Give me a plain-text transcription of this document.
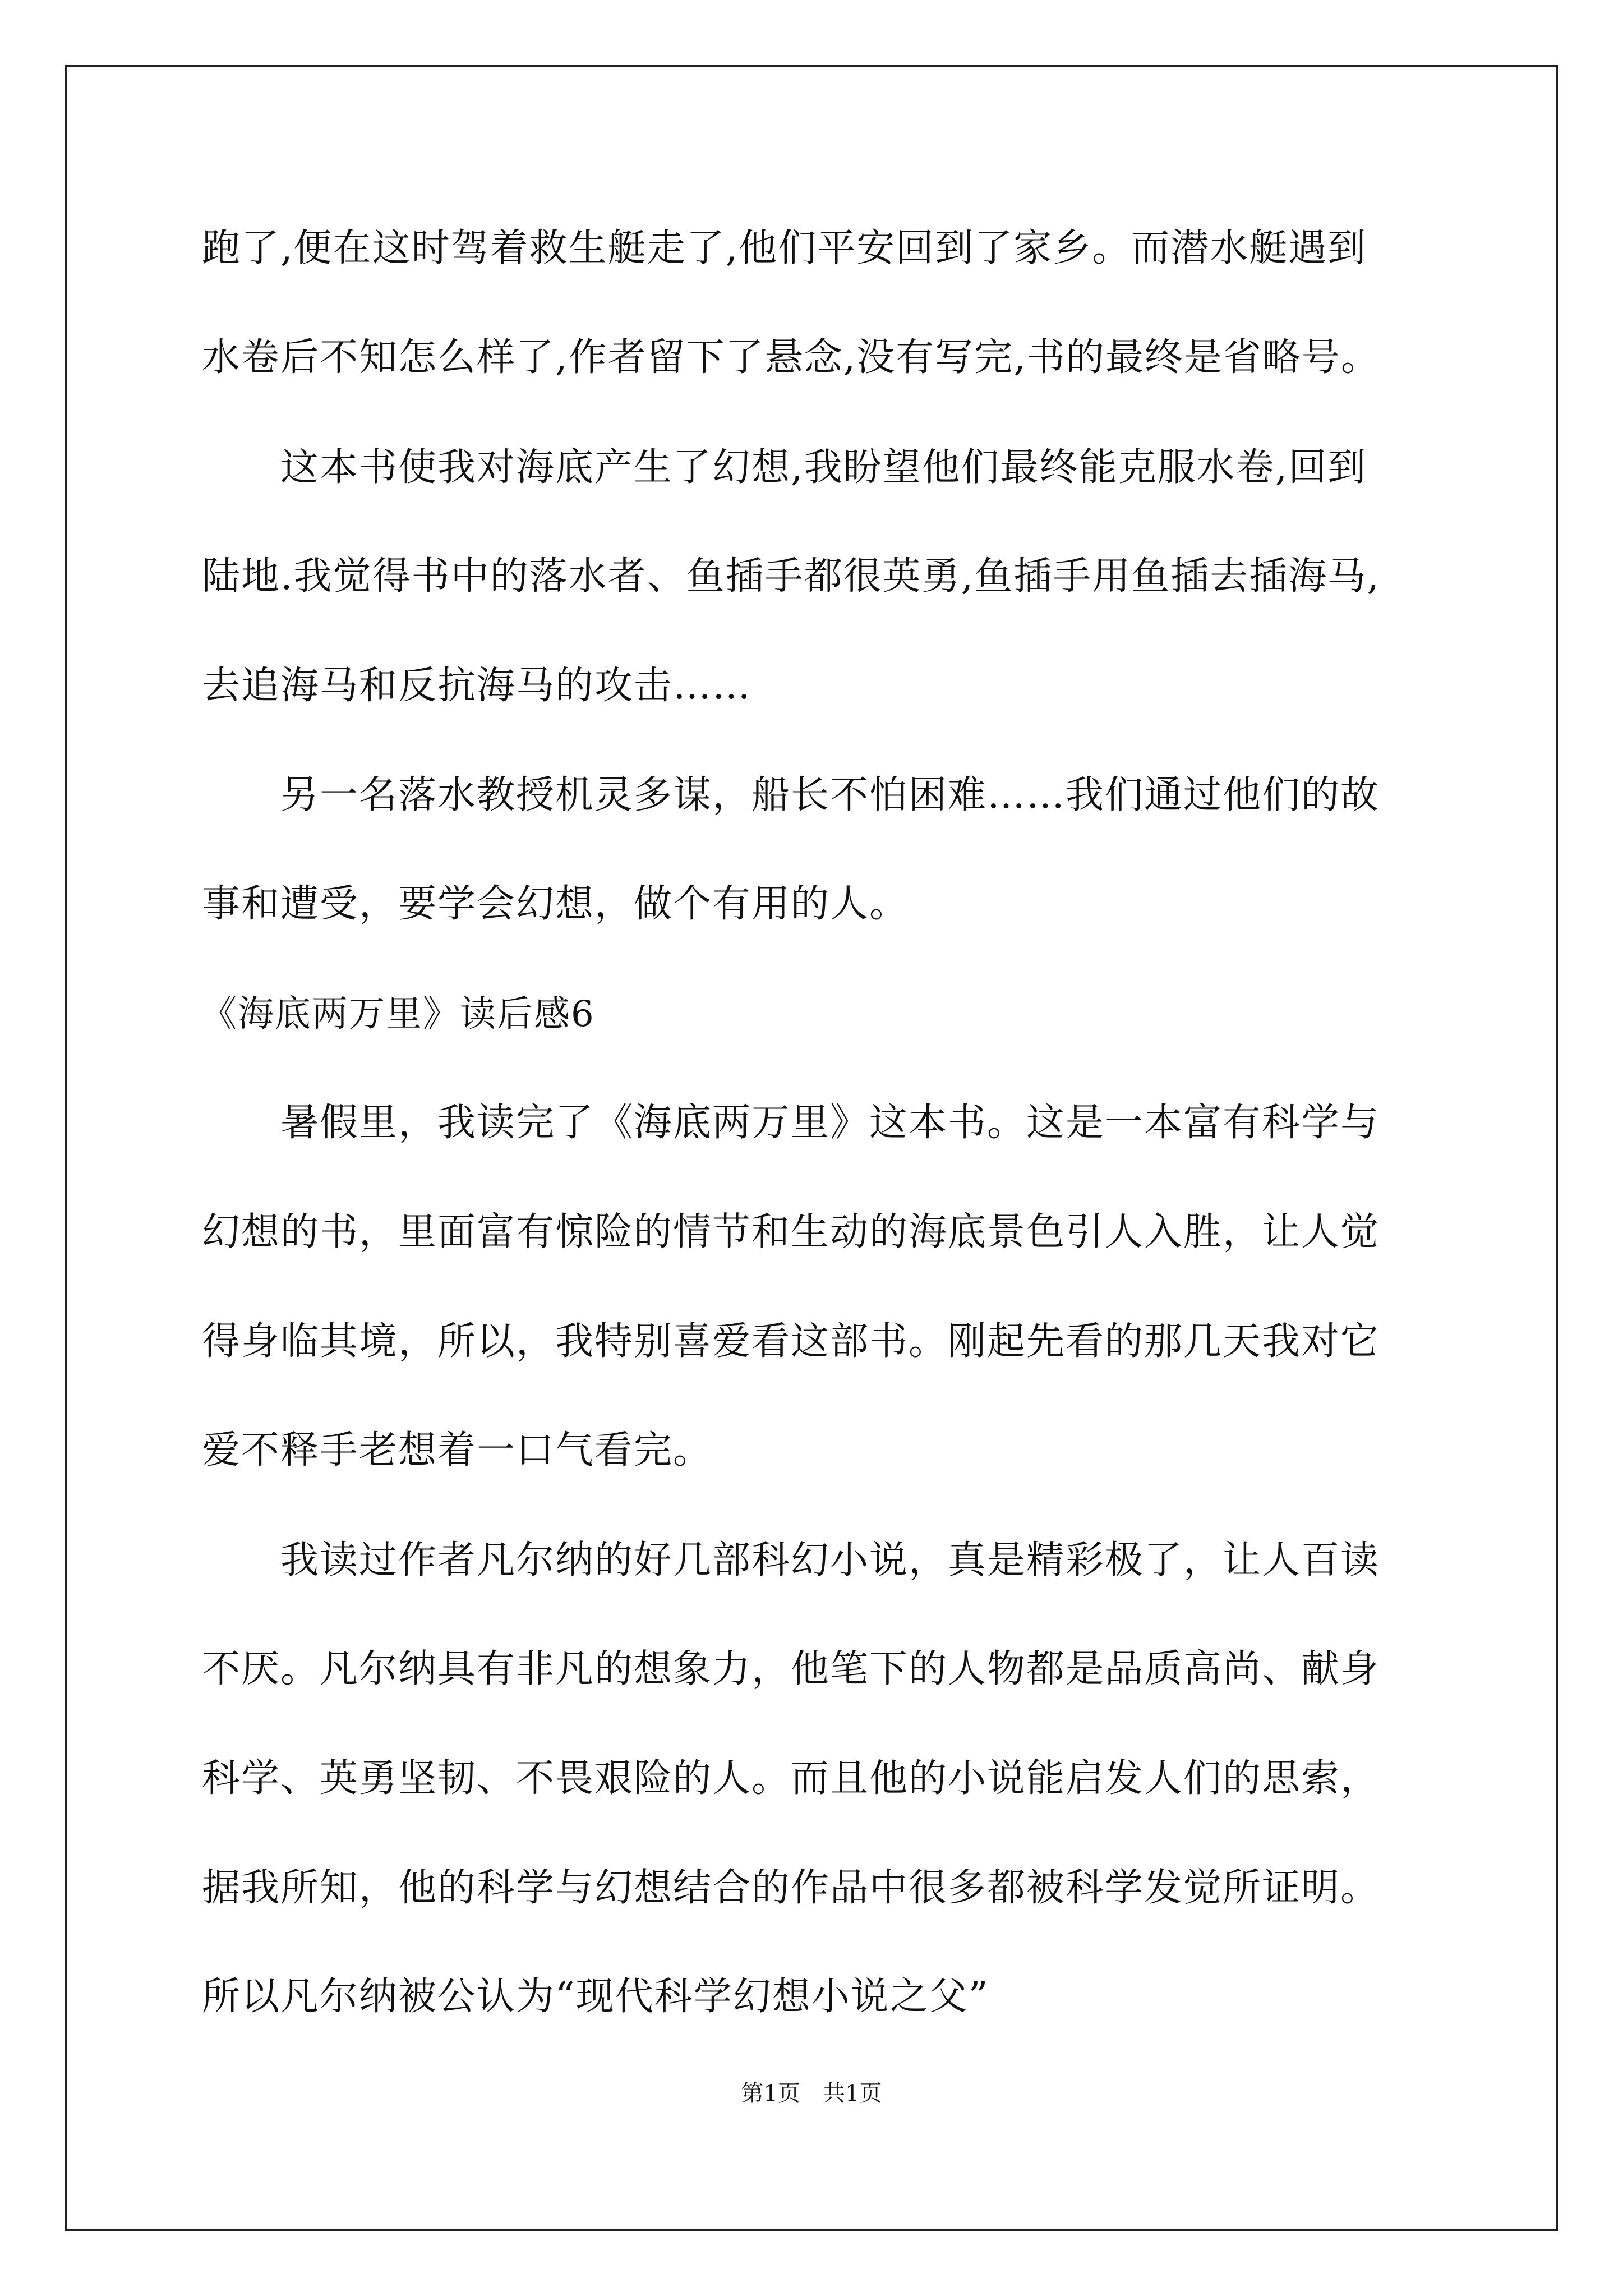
跑了,便在这时驾着救生艇走了,他们平安回到了家乡。而潜水艇遇到
水卷后不知怎么样了,作者留下了悬念,没有写完,书的最终是省略号。
这本书使我对海底产生了幻想,我盼望他们最终能克服水卷,回到
陆地.我觉得书中的落水者、鱼插手都很英勇,鱼插手用鱼插去插海马,
去追海马和反抗海马的攻击……
另一名落水教授机灵多谋，船长不怕困难……我们通过他们的故
事和遭受，要学会幻想，做个有用的人。
《海底两万里》读后感6
暑假里，我读完了《海底两万里》这本书。这是一本富有科学与
幻想的书，里面富有惊险的情节和生动的海底景色引人入胜，让人觉
得身临其境，所以，我特别喜爱看这部书。刚起先看的那几天我对它
爱不释手老想着一口气看完。
我读过作者凡尔纳的好几部科幻小说，真是精彩极了，让人百读
不厌。凡尔纳具有非凡的想象力，他笔下的人物都是品质高尚、献身
科学、英勇坚韧、不畏艰险的人。而且他的小说能启发人们的思索，
据我所知，他的科学与幻想结合的作品中很多都被科学发觉所证明。
所以凡尔纳被公认为“现代科学幻想小说之父”
第1页 共1页
